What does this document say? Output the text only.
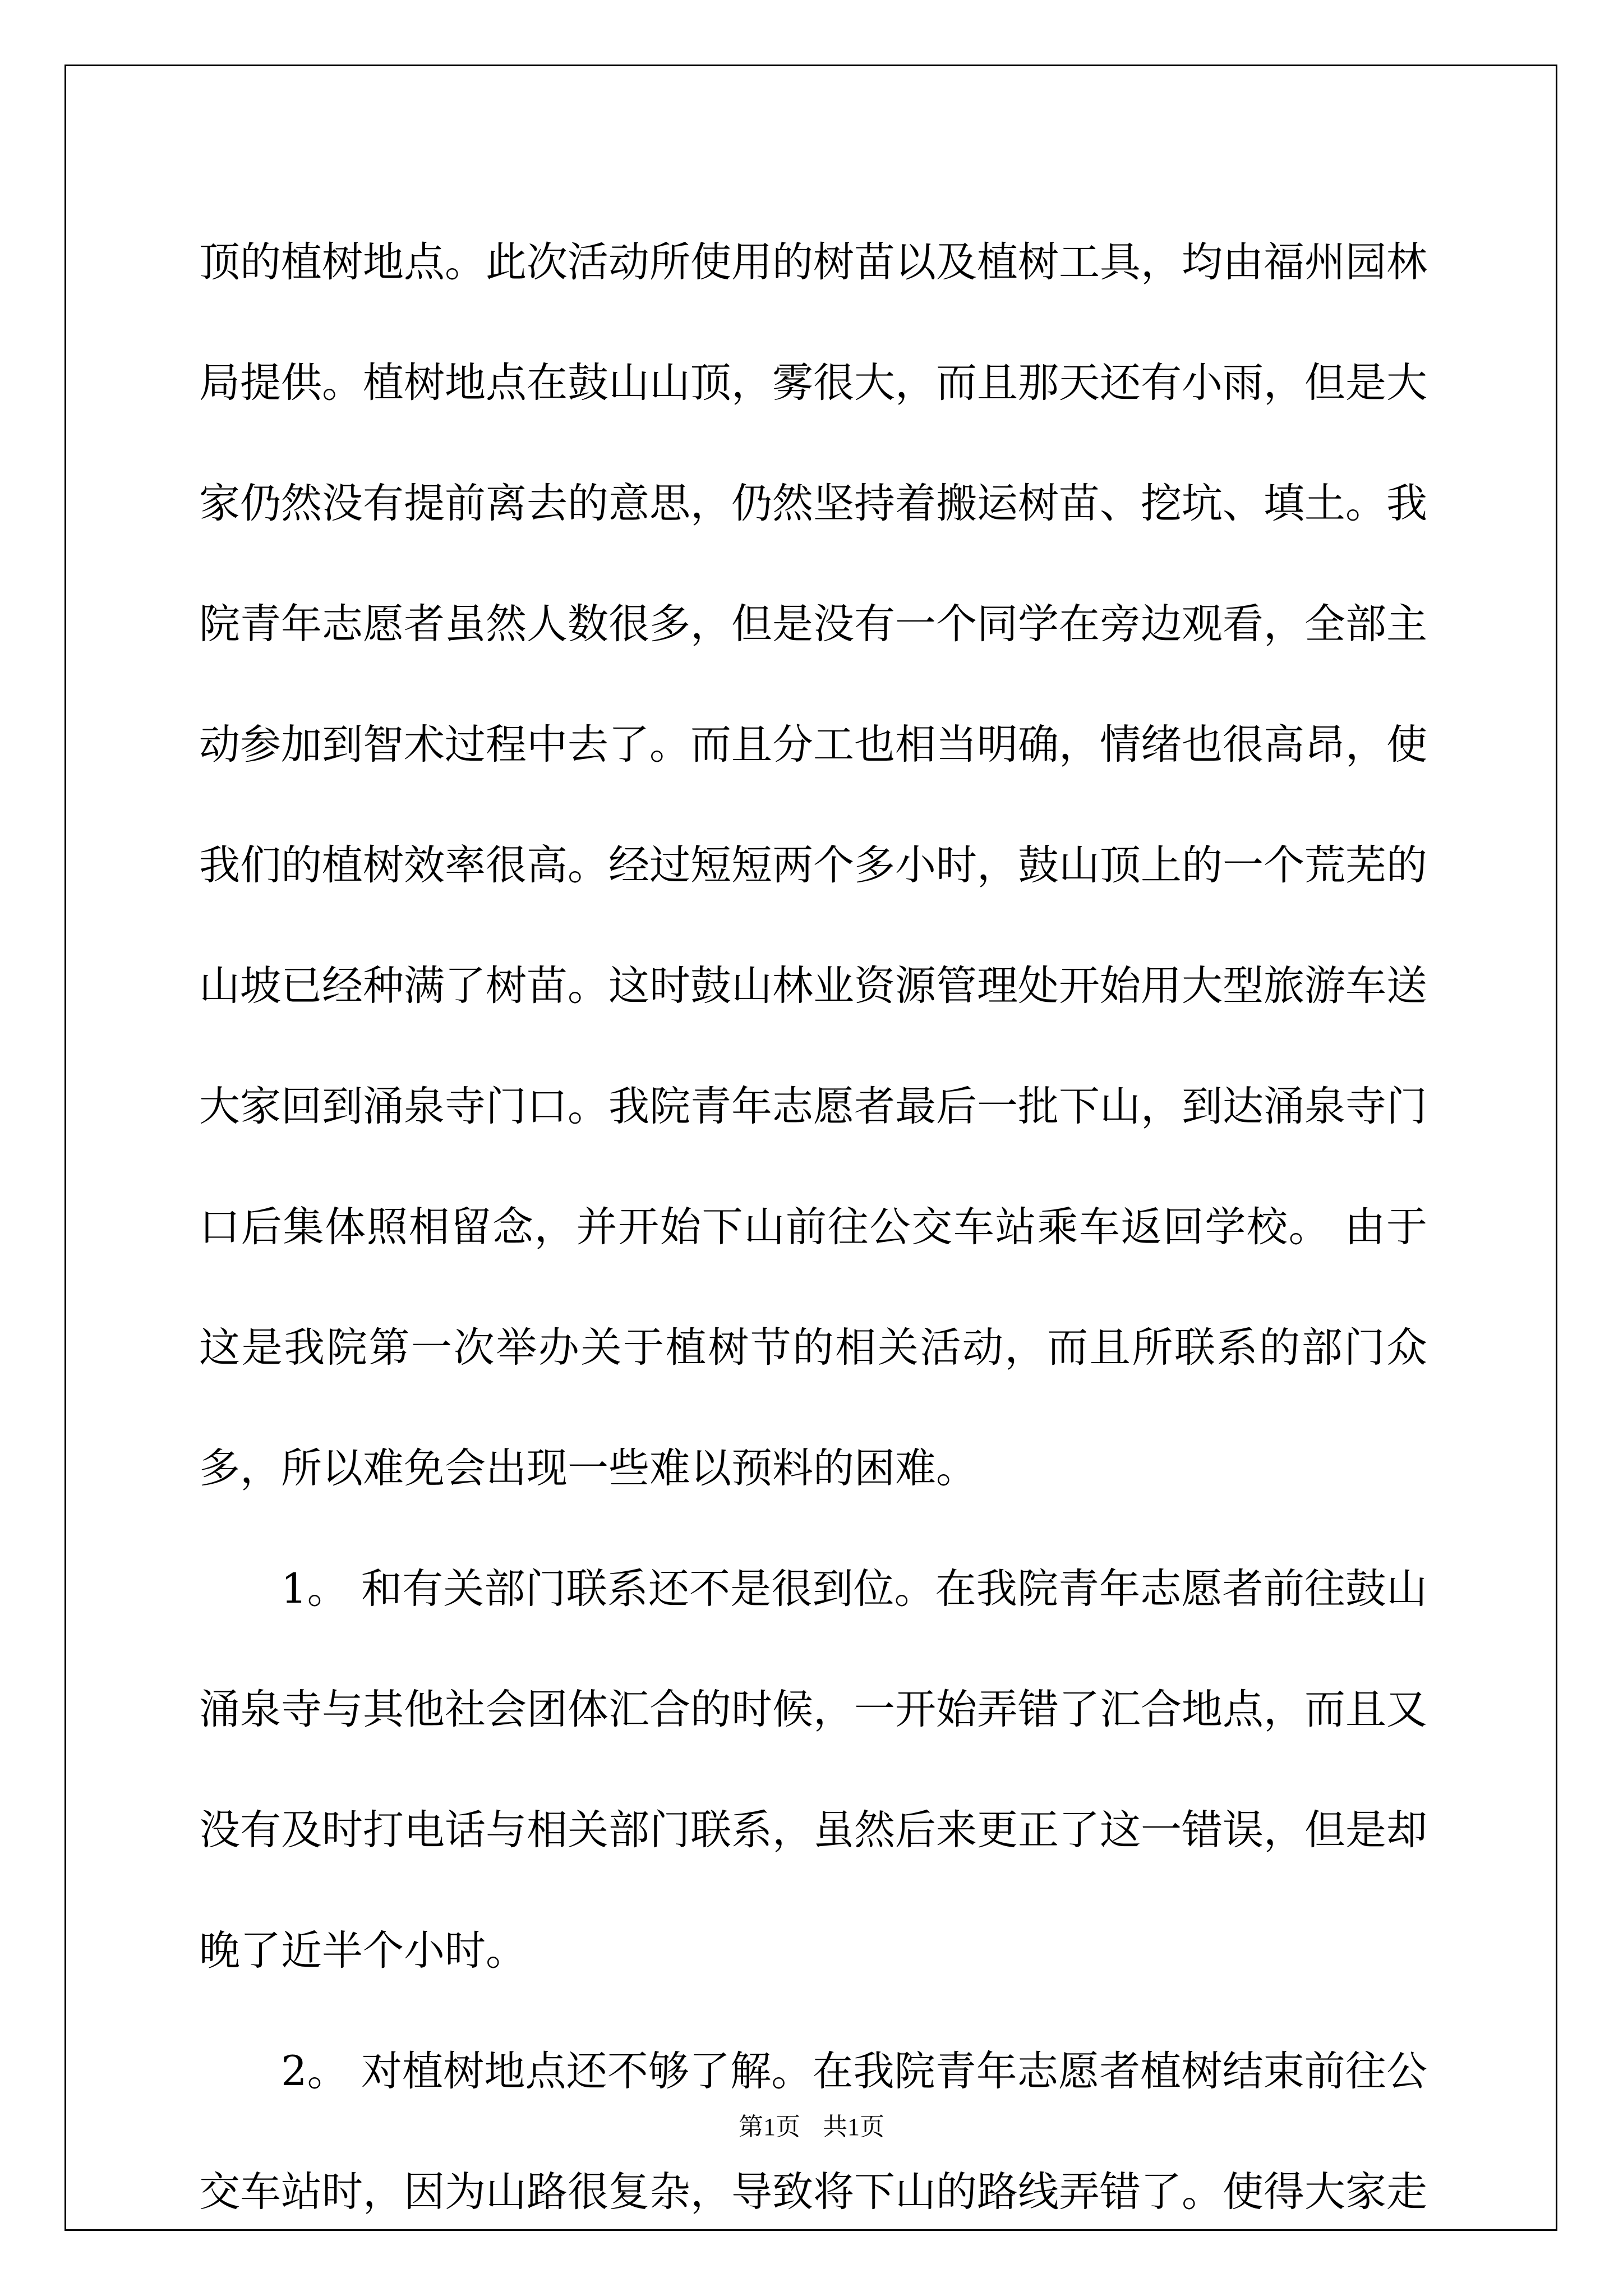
顶的植树地点。此次活动所使用的树苗以及植树工具，均由福州园林局提供。植树地点在鼓山山顶，雾很大，而且那天还有小雨，但是大家仍然没有提前离去的意思，仍然坚持着搬运树苗、挖坑、填土。我院青年志愿者虽然人数很多，但是没有一个同学在旁边观看，全部主动参加到智术过程中去了。而且分工也相当明确，情绪也很高昂，使我们的植树效率很高。经过短短两个多小时，鼓山顶上的一个荒芜的山坡已经种满了树苗。这时鼓山林业资源管理处开始用大型旅游车送大家回到涌泉寺门口。我院青年志愿者最后一批下山，到达涌泉寺门口后集体照相留念，并开始下山前往公交车站乘车返回学校。 由于这是我院第一次举办关于植树节的相关活动，而且所联系的部门众多，所以难免会出现一些难以预料的困难。

1。 和有关部门联系还不是很到位。在我院青年志愿者前往鼓山涌泉寺与其他社会团体汇合的时候，一开始弄错了汇合地点，而且又没有及时打电话与相关部门联系，虽然后来更正了这一错误，但是却晚了近半个小时。

2。 对植树地点还不够了解。在我院青年志愿者植树结束前往公交车站时，因为山路很复杂，导致将下山的路线弄错了。使得大家走

第1页 共1页
